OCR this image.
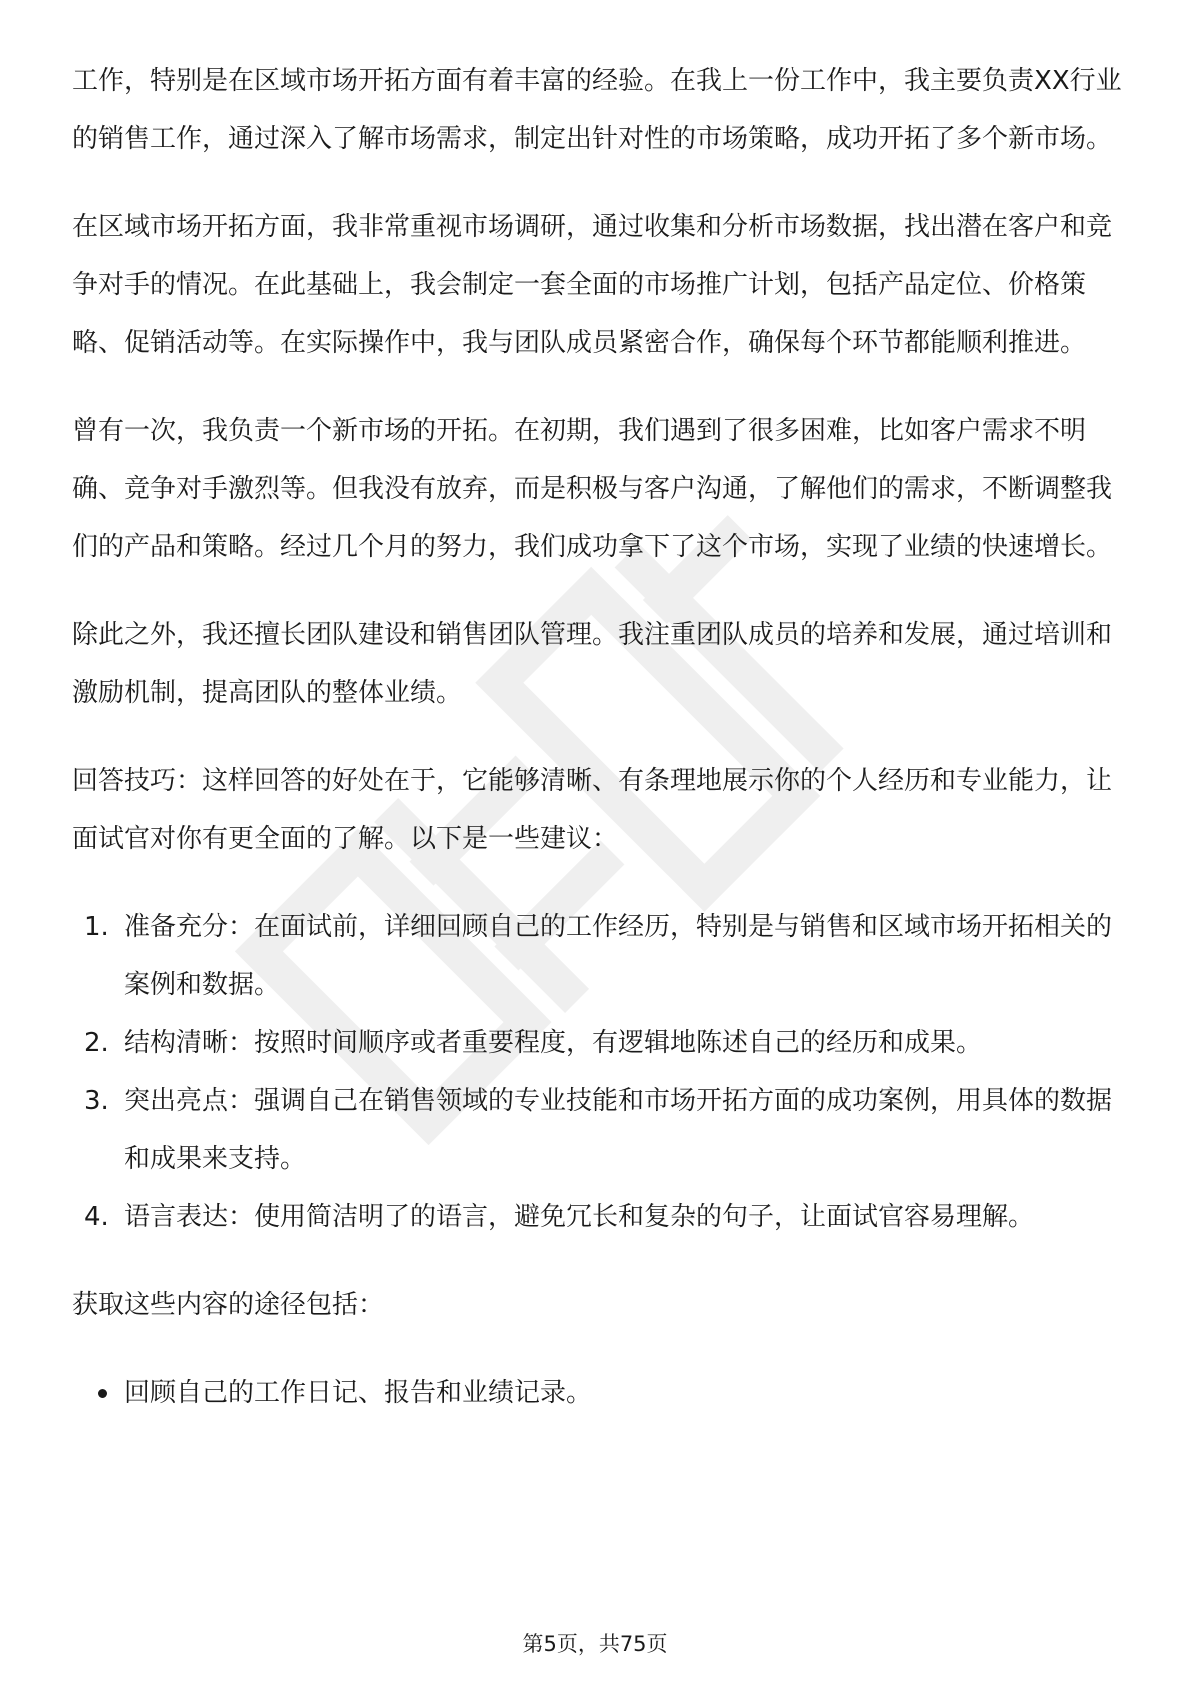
工作，特别是在区域市场开拓方面有着丰富的经验。在我上一份工作中，我主要负责XX行业的销售工作，通过深入了解市场需求，制定出针对性的市场策略，成功开拓了多个新市场。

在区域市场开拓方面，我非常重视市场调研，通过收集和分析市场数据，找出潜在客户和竞争对手的情况。在此基础上，我会制定一套全面的市场推广计划，包括产品定位、价格策略、促销活动等。在实际操作中，我与团队成员紧密合作，确保每个环节都能顺利推进。

曾有一次，我负责一个新市场的开拓。在初期，我们遇到了很多困难，比如客户需求不明确、竞争对手激烈等。但我没有放弃，而是积极与客户沟通，了解他们的需求，不断调整我们的产品和策略。经过几个月的努力，我们成功拿下了这个市场，实现了业绩的快速增长。

除此之外，我还擅长团队建设和销售团队管理。我注重团队成员的培养和发展，通过培训和激励机制，提高团队的整体业绩。

回答技巧：这样回答的好处在于，它能够清晰、有条理地展示你的个人经历和专业能力，让面试官对你有更全面的了解。以下是一些建议：

1. 准备充分：在面试前，详细回顾自己的工作经历，特别是与销售和区域市场开拓相关的案例和数据。
2. 结构清晰：按照时间顺序或者重要程度，有逻辑地陈述自己的经历和成果。
3. 突出亮点：强调自己在销售领域的专业技能和市场开拓方面的成功案例，用具体的数据和成果来支持。
4. 语言表达：使用简洁明了的语言，避免冗长和复杂的句子，让面试官容易理解。

获取这些内容的途径包括：

回顾自己的工作日记、报告和业绩记录。
第5页，共75页
